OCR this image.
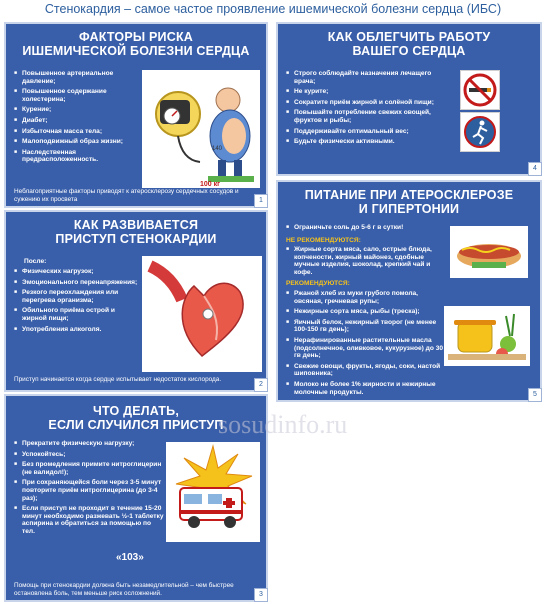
Стенокардия – самое частое проявление ишемической болезни сердца (ИБС)
ФАКТОРЫ РИСКА
ИШЕМИЧЕСКОЙ БОЛЕЗНИ СЕРДЦА
■ Повышенное артериальное давление;
■ Повышенное содержание холестерина;
■ Курение;
■ Диабет;
■ Избыточная масса тела;
■ Малоподвижный образ жизни;
■ Наследственная предрасположенность.
140
100 кг
Неблагоприятные факторы приводят к атеросклерозу сердечных сосудов и сужению их просвета	1
КАК РАЗВИВАЕТСЯ
ПРИСТУП СТЕНОКАРДИИ
После:
■ Физических нагрузок;
■ Эмоционального перенапряжения;
■ Резкого переохлаждения или перегрева организма;
■ Обильного приёма острой и жирной пищи;
■ Употребления алкоголя.
Приступ начинается когда сердце испытывает недостаток кислорода.
2
ЧТО ДЕЛАТЬ,
ЕСЛИ СЛУЧИЛСЯ ПРИСТУП
■ Прекратите физическую нагрузку;
■ Успокойтесь;
■ Без промедления примите нитроглицерин (не валидол!);
■ При сохраняющейся боли через 3-5 минут повторите приём нитроглицерина (до 3-4 раз);
■ Если приступ не проходит в течение 15-20 минут необходимо разжевать ½-1 таблетку аспирина и обратиться за помощью по тел.
«103»
Помощь при стенокардии должна быть незамедлительной – чем быстрее остановлена боль, тем меньше риск осложнений.	3
КАК ОБЛЕГЧИТЬ РАБОТУ
ВАШЕГО СЕРДЦА
■ Строго соблюдайте назначения лечащего врача;
■ Не курите;
■ Сократите приём жирной и солёной пищи;
■ Повышайте потребление свежих овощей, фруктов и рыбы;
■ Поддерживайте оптимальный вес;
■ Будьте физически активными.
4
ПИТАНИЕ ПРИ АТЕРОСКЛЕРОЗЕ
И ГИПЕРТОНИИ
■ Ограничьте соль до 5-6 г в сутки!
НЕ РЕКОМЕНДУЮТСЯ:
■ Жирные сорта мяса, сало, острые блюда, копчености, жирный майонез, сдобные мучные изделия, шоколад, крепкий чай и кофе.
РЕКОМЕНДУЮТСЯ:
■ Ржаной хлеб из муки грубого помола, овсяная, гречневая рупы;
■ Нежирные сорта мяса, рыбы (треска);
■ Яичный белок, нежирный творог (не менее 100-150 гв день);
■ Нерафинированные растительные масла (подсолнечное, оливковое, кукурузное) до 30 гв день;
■ Свежие овощи, фрукты, ягоды, соки, настой шиповника;
■ Молоко не более 1% жирности и нежирные молочные продукты.	5
sosudinfo.ru
